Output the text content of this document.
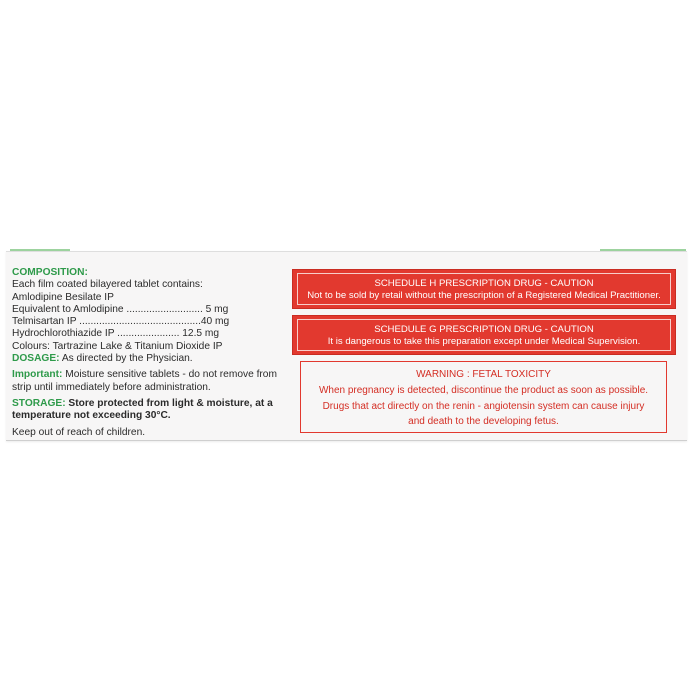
COMPOSITION:
Each film coated bilayered tablet contains:
Amlodipine Besilate IP
Equivalent to Amlodipine ........................... 5 mg
Telmisartan IP ...........................................40 mg
Hydrochlorothiazide IP ...................... 12.5 mg
Colours: Tartrazine Lake & Titanium Dioxide IP
DOSAGE: As directed by the Physician.
Important: Moisture sensitive tablets - do not remove from strip until immediately before administration.
STORAGE: Store protected from light & moisture, at a temperature not exceeding 30°C.
Keep out of reach of children.
SCHEDULE H PRESCRIPTION DRUG - CAUTION
Not to be sold by retail without the prescription of a Registered Medical Practitioner.
SCHEDULE G PRESCRIPTION DRUG - CAUTION
It is dangerous to take this preparation except under Medical Supervision.
WARNING : FETAL TOXICITY
When pregnancy is detected, discontinue the product as soon as possible.
Drugs that act directly on the renin - angiotensin system can cause injury
and death to the developing fetus.
